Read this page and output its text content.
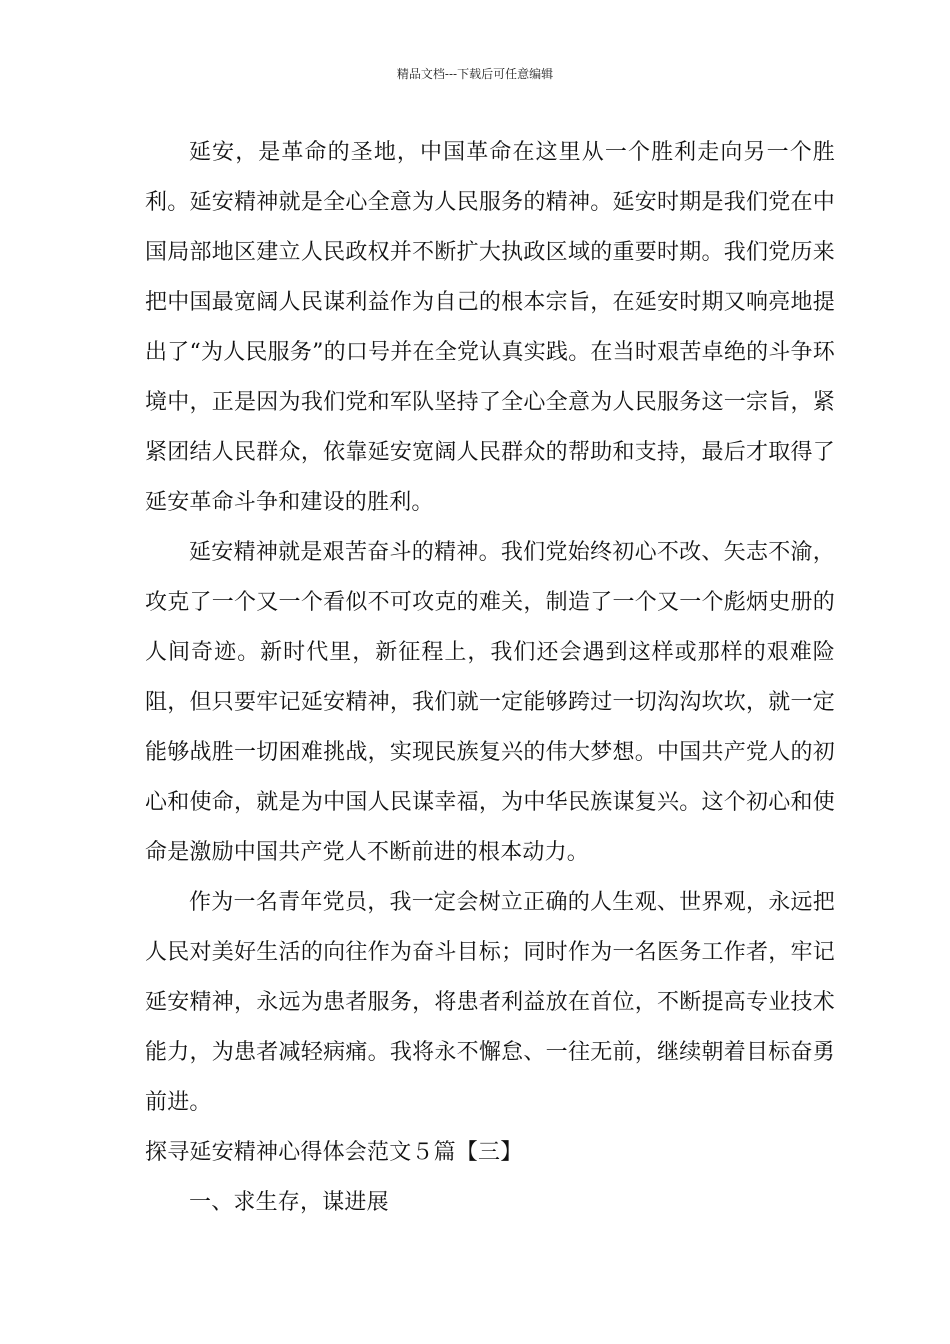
精品文档---下载后可任意编辑

延安，是革命的圣地，中国革命在这里从一个胜利走向另一个胜利。延安精神就是全心全意为人民服务的精神。延安时期是我们党在中国局部地区建立人民政权并不断扩大执政区域的重要时期。我们党历来把中国最宽阔人民谋利益作为自己的根本宗旨，在延安时期又响亮地提出了“为人民服务”的口号并在全党认真实践。在当时艰苦卓绝的斗争环境中，正是因为我们党和军队坚持了全心全意为人民服务这一宗旨，紧紧团结人民群众，依靠延安宽阔人民群众的帮助和支持，最后才取得了延安革命斗争和建设的胜利。

延安精神就是艰苦奋斗的精神。我们党始终初心不改、矢志不渝，攻克了一个又一个看似不可攻克的难关，制造了一个又一个彪炳史册的人间奇迹。新时代里，新征程上，我们还会遇到这样或那样的艰难险阻，但只要牢记延安精神，我们就一定能够跨过一切沟沟坎坎，就一定能够战胜一切困难挑战，实现民族复兴的伟大梦想。中国共产党人的初心和使命，就是为中国人民谋幸福，为中华民族谋复兴。这个初心和使命是激励中国共产党人不断前进的根本动力。

作为一名青年党员，我一定会树立正确的人生观、世界观，永远把人民对美好生活的向往作为奋斗目标；同时作为一名医务工作者，牢记延安精神，永远为患者服务，将患者利益放在首位，不断提高专业技术能力，为患者减轻病痛。我将永不懈怠、一往无前，继续朝着目标奋勇前进。

探寻延安精神心得体会范文５篇【三】

一、求生存，谋进展
